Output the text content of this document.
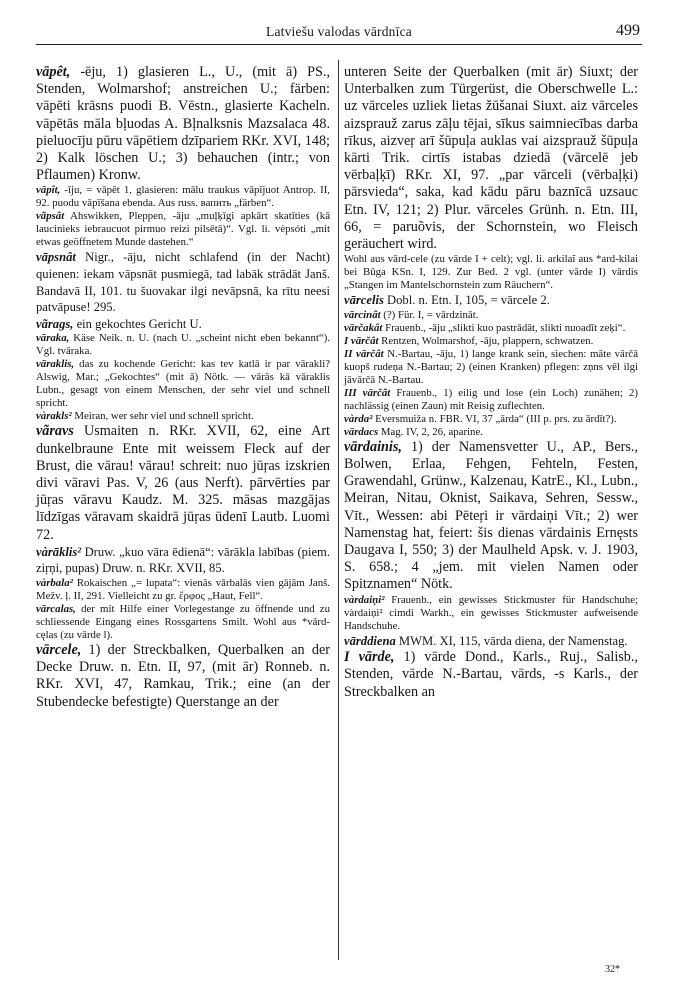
Latviešu valodas vārdnīca	499

vāpêt, -ēju, 1) glasieren L., U., (mit ā) PS., Stenden, Wolmarshof; anstreichen U.; färben: vāpēti krāsns puodi B. Vēstn., glasierte Kacheln. vāpētās māla bļuodas A. Bļnalksnis Mazsalaca 48. pieluocīju pūru vāpētiem dzīpariem RKr. XVI, 148; 2) Kalk löschen U.; 3) behauchen (intr.; von Pflaumen) Kronw.

vāpît, -īju, = vāpêt 1, glasieren: mālu traukus vāpījuot Antrop. II, 92. puodu vāpīšana ebenda. Aus russ. вапить „färben“.

vãpsât Ahswikken, Pleppen, -āju „muļķīgi apkārt skatīties (kā laucinieks iebraucuot pirmuo reizi pilsētā)“. Vgl. li. vėpsóti „mit etwas geöffnetem Munde dastehen.“

vāpsnât Nigr., -āju, nicht schlafend (in der Nacht) quienen: iekam vāpsnāt pusmiegā, tad labāk strādāt Janš. Bandavā II, 101. tu šuovakar ilgi nevāpsnā, ka rītu neesi patvāpuse! 295.

vãrags, ein gekochtes Gericht U.

vāraka, Käse Neik. n. U. (nach U. „scheint nicht eben bekannt“). Vgl. tvāraka.

vāraklis, das zu kochende Gericht: kas tev katlā ir par vārakli? Alswig, Mar.; „Gekochtes“ (mit ā) Nötk. — vārās kā vāraklis Lubn., gesagt von einem Menschen, der sehr viel und schnell spricht.

vàrakls² Meiran, wer sehr viel und schnell spricht.

vãravs Usmaiten n. RKr. XVII, 62, eine Art dunkelbraune Ente mit weissem Fleck auf der Brust, die vārau! vārau! schreit: nuo jūŗas izskrien divi vāravi Pas. V, 26 (aus Nerft). pārvērties par jūŗas vāravu Kaudz. M. 325. māsas mazgājas līdzīgas vāravam skaidrā jūŗas ūdenī Lautb. Luomi 72.

vàrāklis² Druw. „kuo vāra ēdienā“: vārākla labības (piem. ziŗņi, pupas) Druw. n. RKr. XVII, 85.

vàrbala² Rokaischen „= lupata“: vienās vārbalās vien gājām Janš. Mežv. ļ. II, 291. Vielleicht zu gr. ἔρφος „Haut, Fell“.

vārcalas, der mit Hilfe einer Vorlegestange zu öffnende und zu schliessende Eingang eines Rossgartens Smilt. Wohl aus *vārd-cęlas (zu vārde l).

vārcele, 1) der Streckbalken, Querbalken an der Decke Druw. n. Etn. II, 97, (mit ār) Ronneb. n. RKr. XVI, 47, Ramkau, Trik.; eine (an der Stubendecke befestigte) Querstange an der

unteren Seite der Querbalken (mit ār) Siuxt; der Unterbalken zum Türgerüst, die Oberschwelle L.: uz vārceles uzliek lietas žūšanai Siuxt. aiz vārceles aizsprauž zarus zāļu tējai, sīkus saimniecības darba rīkus, aizveŗ arī šūpuļa auklas vai aizsprauž šūpuļa kārti Trik. cirtīs istabas dziedā (vārcelē jeb vērbaļķī) RKr. XI, 97. „par vārceli (vērbaļķi) pārsvieda“, saka, kad kādu pāru baznīcā uzsauc Etn. IV, 121; 2) Plur. vārceles Grünh. n. Etn. III, 66, = paruõvis, der Schornstein, wo Fleisch geräuchert wird.

Wohl aus vārd-cele (zu vārde I + celt); vgl. li. arkilaĩ aus *ard-kilai bei Būga KSn. I, 129. Zur Bed. 2 vgl. (unter vārde I) vārdis „Stangen im Mantelschornstein zum Räuchern“.

vārcelis Dobl. n. Etn. I, 105, = vārcele 2.

vārcinât (?) Für. I, = vārdzināt.

vārčakât Frauenb., -āju „slikti kuo pastrādāt, slikti nuoadīt zeķi“.

I vārčât Rentzen, Wolmarshof, -āju, plappern, schwatzen.

II vārčât N.-Bartau, -āju, 1) lange krank sein, siechen: māte vārčā kuopš rudeņa N.-Bartau; 2) (einen Kranken) pflegen: zņns vēl ilgi jāvārčā N.-Bartau.

III vārčât Frauenb., 1) eilig und lose (ein Loch) zunähen; 2) nachlässig (einen Zaun) mit Reisig zuflechten.

vàrda² Eversmuiža n. FBR. VI, 37 „ārda“ (III p. prs. zu ārdīt?).

vārdacs Mag. IV, 2, 26, aparine.

vārdainis, 1) der Namensvetter U., AP., Bers., Bolwen, Erlaa, Fehgen, Fehteln, Festen, Grawendahl, Grünw., Kalzenau, KatrE., Kl., Lubn., Meiran, Nitau, Oknist, Saikava, Sehren, Sessw., Vīt., Wessen: abi Pēteŗi ir vārdaiņi Vīt.; 2) wer Namenstag hat, feiert: šis dienas vārdainis Ernęsts Daugava I, 550; 3) der Maulheld Apsk. v. J. 1903, S. 658.; 4 „jem. mit vielen Namen oder Spitznamen“ Nötk.

vàrdaiņi² Frauenb., ein gewisses Stickmuster für Handschuhe; vàrdaiņi² cimdi Warkh., ein gewisses Stickmuster aufweisende Handschuhe.

vārddiena MWM. XI, 115, vārda diena, der Namenstag.

I vārde, 1) vārde Dond., Karls., Ruj., Salisb., Stenden, vārde N.-Bartau, vārds, -s Karls., der Streckbalken an

32*
